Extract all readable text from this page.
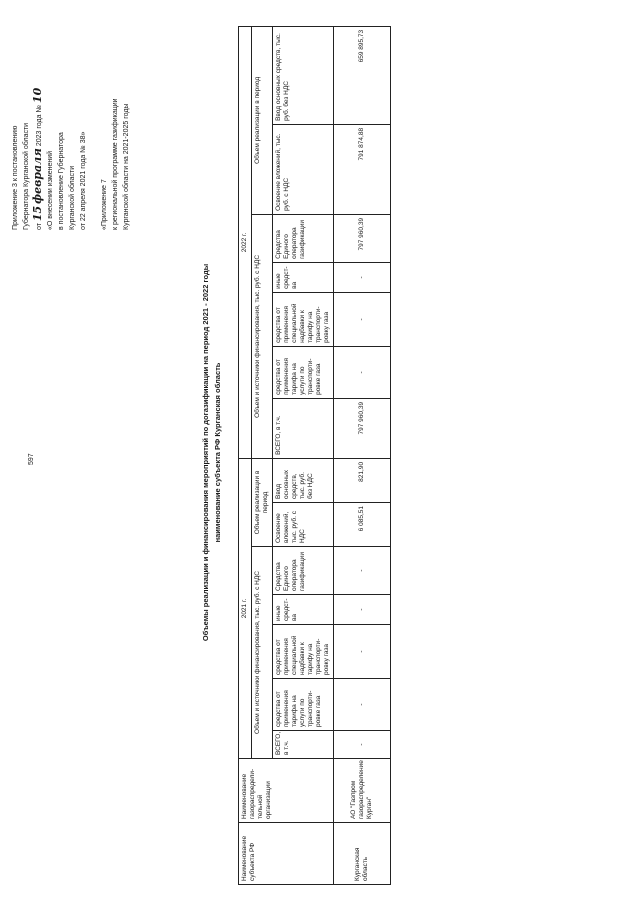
597
Приложение 3 к постановлению Губернатора Курганской области от 15 февраля 2023 года № 10
«О внесении изменений в постановление Губернатора Курганской области от 22 апреля 2021 года № 38» «Приложение 7 к региональной программе газификации Курганской области на 2021-2025 годы
Объемы реализации и финансирования мероприятий по догазификации на период 2021 - 2022 годы наименование субъекта РФ Курганская область
Наименование субъекта РФ	Наименование газораспредели-тельной организации	2021 г.							2022 г.						
		Объем и источники финансирования, тыс. руб. с НДС					Объем реализации в период		Объем и источники финансирования, тыс. руб. с НДС					Объем реализации в период	
		ВСЕГО, в т.ч.	средства от применения тарифа на услуги по транспорти-ровке газа	средства от применения специальной надбавки к тарифу на транспорти-ровку газа	иные средст-ва	Средства Единого оператора газификации	Освоение вложений, тыс. руб. с НДС	Ввод основных средств, тыс. руб. без НДС	ВСЕГО, в т.ч.	средства от применения тарифа на услуги по транспорти-ровке газа	средства от применения специальной надбавки к тарифу на транспорти-ровку газа	иные средст-ва	Средства Единого оператора газификации	Освоение вложений, тыс. руб. с НДС	Ввод основных средств, тыс. руб. без НДС
Курганская область	АО "Газпром газораспределение Курган"	-	-	-	-	-	6 085,51	821,90	797 960,39	-	-	-	797 960,39	791 874,88	659 895,73
